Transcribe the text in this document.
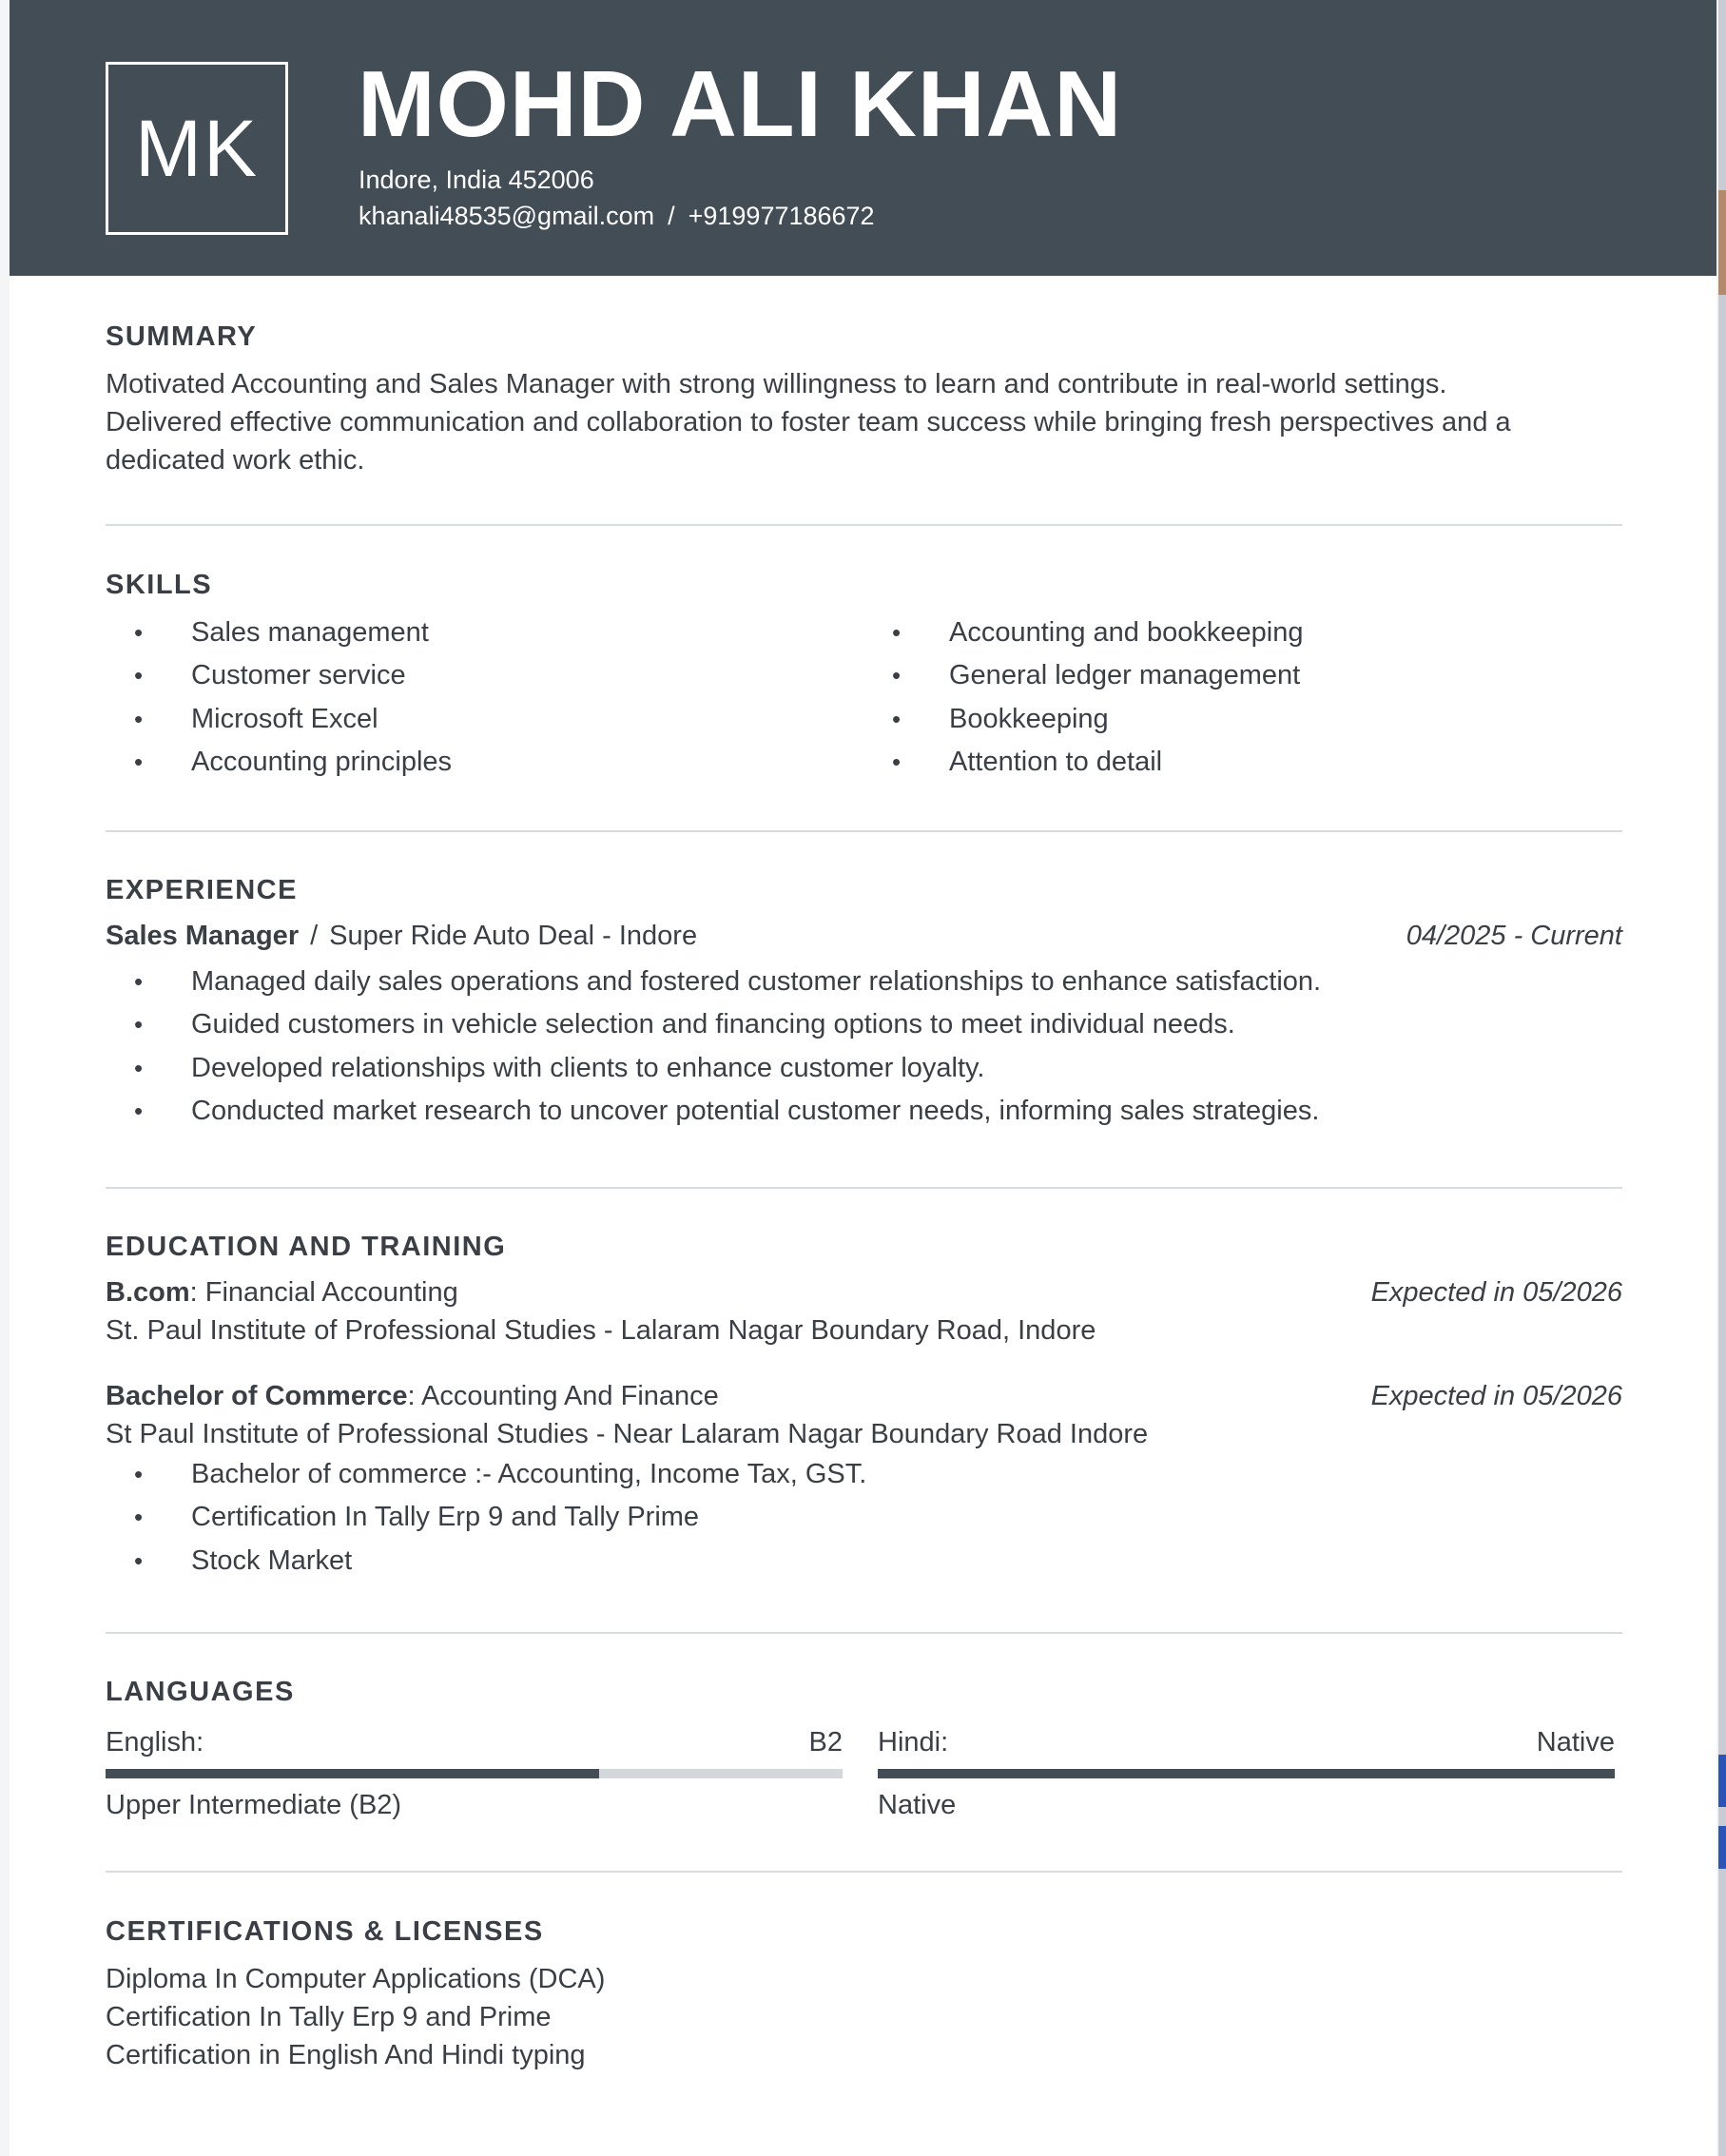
MK	MOHD ALI KHAN
Indore, India 452006
khanali48535@gmail.com / +919977186672
SUMMARY
Motivated Accounting and Sales Manager with strong willingness to learn and contribute in real-world settings.
Delivered effective communication and collaboration to foster team success while bringing fresh perspectives and a
dedicated work ethic.
SKILLS
• Sales management
• Customer service
• Microsoft Excel
• Accounting principles
• Accounting and bookkeeping
• General ledger management
• Bookkeeping
• Attention to detail
EXPERIENCE
Sales Manager / Super Ride Auto Deal - Indore	04/2025 - Current
• Managed daily sales operations and fostered customer relationships to enhance satisfaction.
• Guided customers in vehicle selection and financing options to meet individual needs.
• Developed relationships with clients to enhance customer loyalty.
• Conducted market research to uncover potential customer needs, informing sales strategies.
EDUCATION AND TRAINING
B.com: Financial Accounting	Expected in 05/2026
St. Paul Institute of Professional Studies - Lalaram Nagar Boundary Road, Indore
Bachelor of Commerce: Accounting And Finance	Expected in 05/2026
St Paul Institute of Professional Studies - Near Lalaram Nagar Boundary Road Indore
• Bachelor of commerce :- Accounting, Income Tax, GST.
• Certification In Tally Erp 9 and Tally Prime
• Stock Market
LANGUAGES
English:	B2
Upper Intermediate (B2)
Hindi:	Native
Native
CERTIFICATIONS & LICENSES
Diploma In Computer Applications (DCA)
Certification In Tally Erp 9 and Prime
Certification in English And Hindi typing
